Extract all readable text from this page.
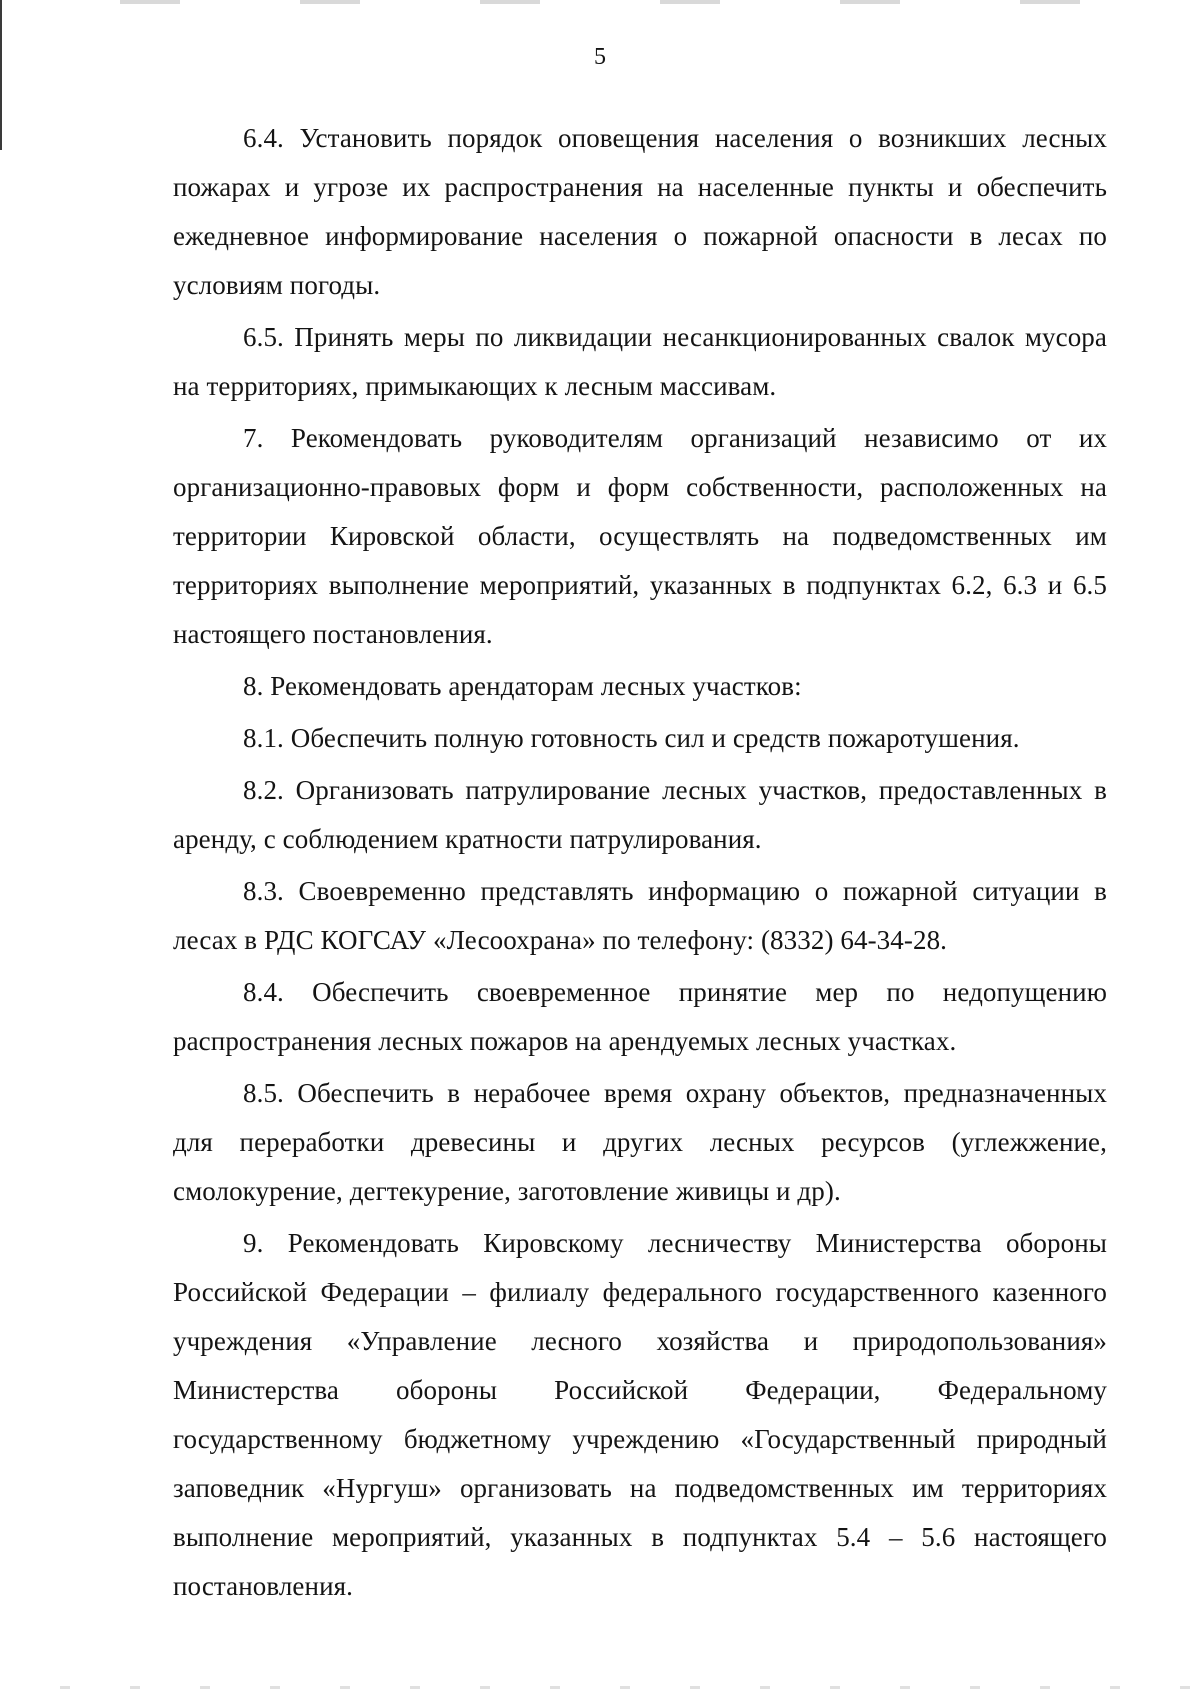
5

6.4. Установить порядок оповещения населения о возникших лесных пожарах и угрозе их распространения на населенные пункты и обеспечить ежедневное информирование населения о пожарной опасности в лесах по условиям погоды.

6.5. Принять меры по ликвидации несанкционированных свалок мусора на территориях, примыкающих к лесным массивам.

7. Рекомендовать руководителям организаций независимо от их организационно-правовых форм и форм собственности, расположенных на территории Кировской области, осуществлять на подведомственных им территориях выполнение мероприятий, указанных в подпунктах 6.2, 6.3 и 6.5 настоящего постановления.

8. Рекомендовать арендаторам лесных участков:

8.1. Обеспечить полную готовность сил и средств пожаротушения.

8.2. Организовать патрулирование лесных участков, предоставленных в аренду, с соблюдением кратности патрулирования.

8.3. Своевременно представлять информацию о пожарной ситуации в лесах в РДС КОГСАУ «Лесоохрана» по телефону: (8332) 64-34-28.

8.4. Обеспечить своевременное принятие мер по недопущению распространения лесных пожаров на арендуемых лесных участках.

8.5. Обеспечить в нерабочее время охрану объектов, предназначенных для переработки древесины и других лесных ресурсов (углежжение, смолокурение, дегтекурение, заготовление живицы и др).

9. Рекомендовать Кировскому лесничеству Министерства обороны Российской Федерации – филиалу федерального государственного казенного учреждения «Управление лесного хозяйства и природопользования» Министерства обороны Российской Федерации, Федеральному государственному бюджетному учреждению «Государственный природный заповедник «Нургуш» организовать на подведомственных им территориях выполнение мероприятий, указанных в подпунктах 5.4 – 5.6 настоящего постановления.
